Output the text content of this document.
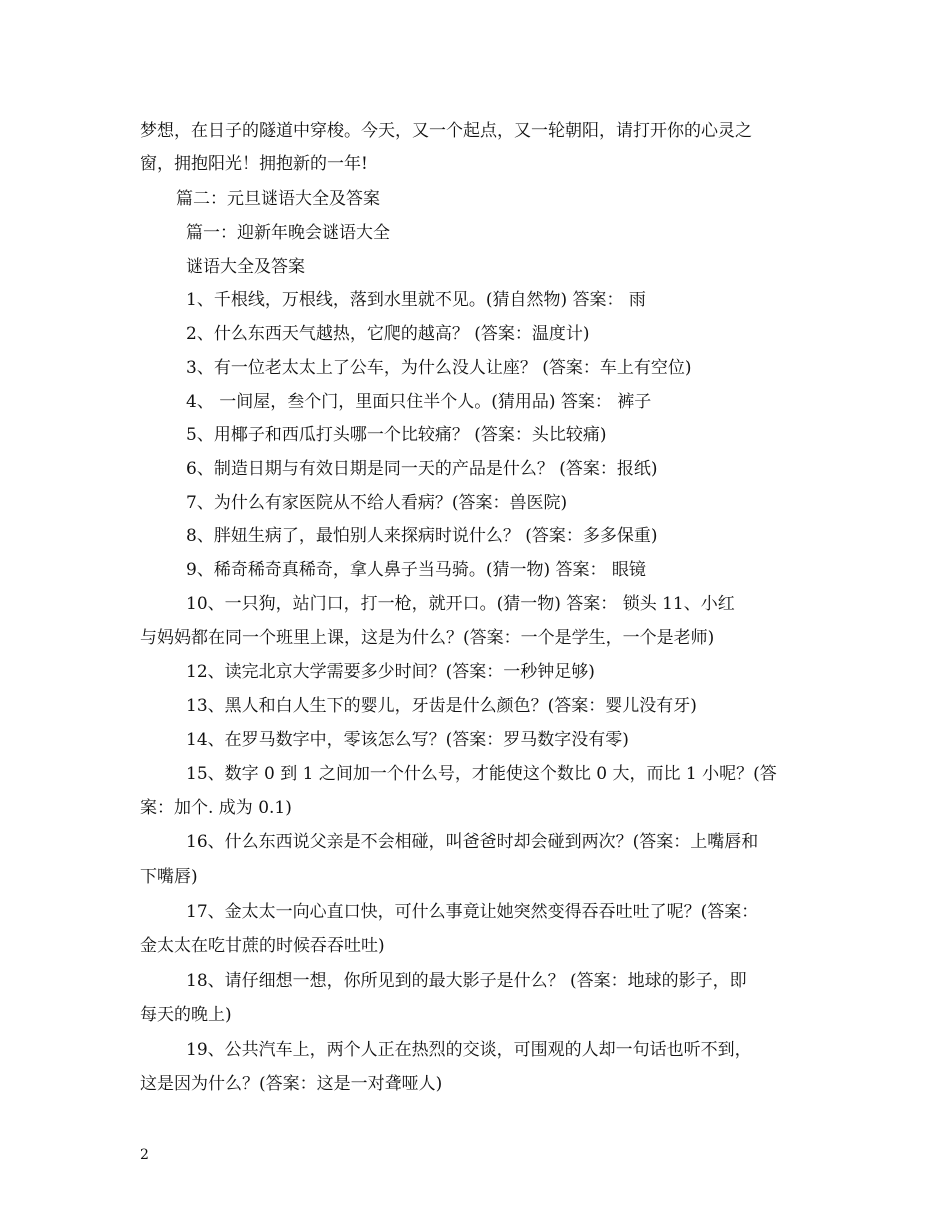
梦想，在日子的隧道中穿梭。今天，又一个起点，又一轮朝阳，请打开你的心灵之
窗，拥抱阳光！拥抱新的一年!
篇二：元旦谜语大全及答案
篇一：迎新年晚会谜语大全
谜语大全及答案
1、千根线，万根线，落到水里就不见。(猜自然物) 答案： 雨
2、什么东西天气越热，它爬的越高？ (答案：温度计)
3、有一位老太太上了公车，为什么没人让座？ (答案：车上有空位)
4、 一间屋，叁个门，里面只住半个人。(猜用品) 答案： 裤子
5、用椰子和西瓜打头哪一个比较痛？ (答案：头比较痛)
6、制造日期与有效日期是同一天的产品是什么？ (答案：报纸)
7、为什么有家医院从不给人看病？(答案：兽医院)
8、胖妞生病了，最怕别人来探病时说什么？ (答案：多多保重)
9、稀奇稀奇真稀奇，拿人鼻子当马骑。(猜一物) 答案： 眼镜
10、一只狗，站门口，打一枪，就开口。(猜一物) 答案： 锁头 11、小红
与妈妈都在同一个班里上课，这是为什么？(答案：一个是学生，一个是老师)
12、读完北京大学需要多少时间？(答案：一秒钟足够)
13、黑人和白人生下的婴儿，牙齿是什么颜色？(答案：婴儿没有牙)
14、在罗马数字中，零该怎么写？(答案：罗马数字没有零)
15、数字 0 到 1 之间加一个什么号，才能使这个数比 0 大，而比 1 小呢？(答
案：加个. 成为 0.1)
16、什么东西说父亲是不会相碰，叫爸爸时却会碰到两次？(答案：上嘴唇和
下嘴唇)
17、金太太一向心直口快，可什么事竟让她突然变得吞吞吐吐了呢？(答案：
金太太在吃甘蔗的时候吞吞吐吐)
18、请仔细想一想，你所见到的最大影子是什么？ (答案：地球的影子，即
每天的晚上)
19、公共汽车上，两个人正在热烈的交谈，可围观的人却一句话也听不到，
这是因为什么？(答案：这是一对聋哑人)
2
